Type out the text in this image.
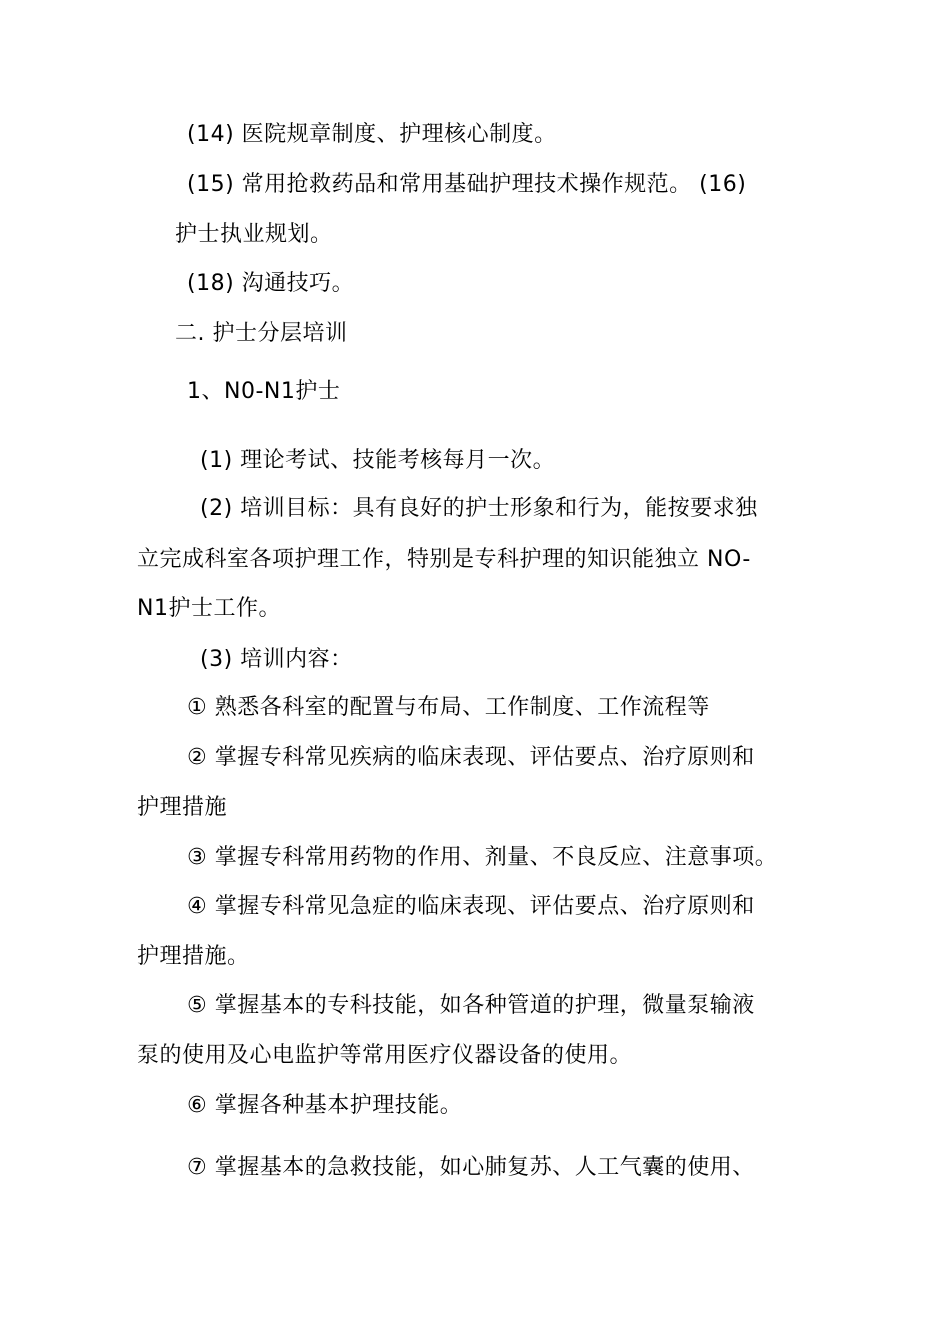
(14) 医院规章制度、护理核心制度。
(15) 常用抢救药品和常用基础护理技术操作规范。 (16)
护士执业规划。
(18) 沟通技巧。
二. 护士分层培训
1、N0-N1护士
(1) 理论考试、技能考核每月一次。
(2) 培训目标：具有良好的护士形象和行为，能按要求独
立完成科室各项护理工作，特别是专科护理的知识能独立 NO-
N1护士工作。
(3) 培训内容：
① 熟悉各科室的配置与布局、工作制度、工作流程等
② 掌握专科常见疾病的临床表现、评估要点、治疗原则和
护理措施
③ 掌握专科常用药物的作用、剂量、不良反应、注意事项。
④ 掌握专科常见急症的临床表现、评估要点、治疗原则和
护理措施。
⑤ 掌握基本的专科技能，如各种管道的护理，微量泵输液
泵的使用及心电监护等常用医疗仪器设备的使用。
⑥ 掌握各种基本护理技能。
⑦ 掌握基本的急救技能，如心肺复苏、人工气囊的使用、
